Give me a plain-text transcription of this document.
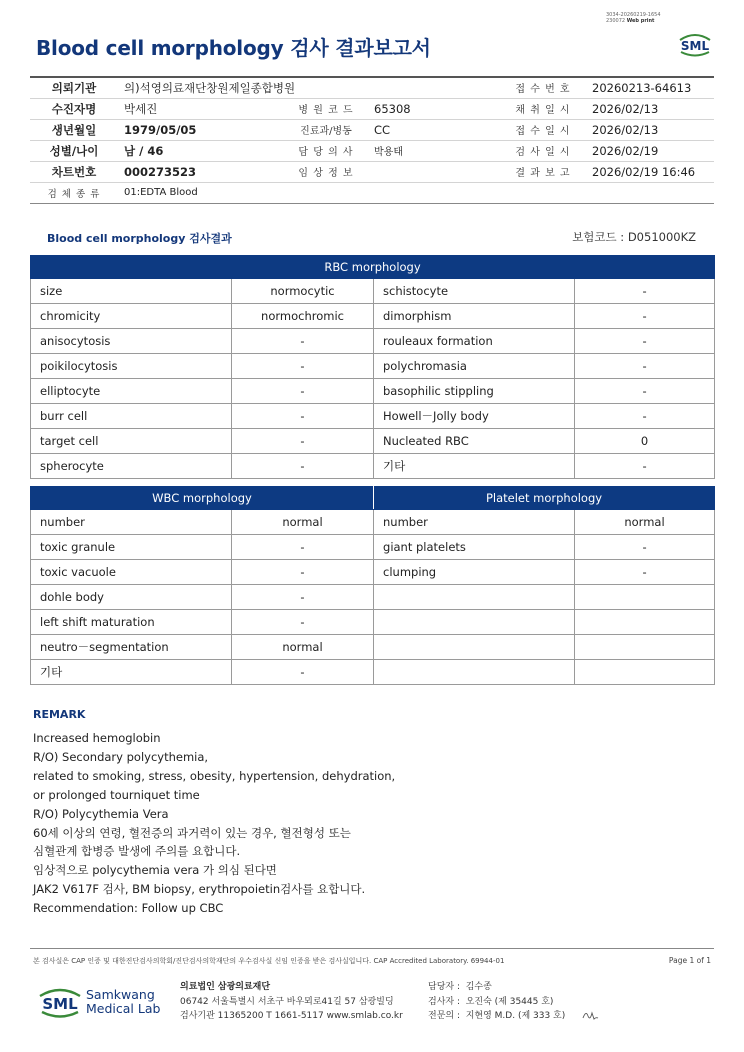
3034-20260219-1654
230072 Web print
Blood cell morphology 검사 결과보고서	SML
의뢰기관	의)석영의료재단창원제일종합병원			접 수 번 호	20260213-64613
수진자명	박세진	병 원 코 드	65308	채 취 일 시	2026/02/13
생년월일	1979/05/05	진료과/병동	CC	접 수 일 시	2026/02/13
성별/나이	남 / 46	담 당 의 사	박용태	검 사 일 시	2026/02/19
차트번호	000273523	임 상 정 보		결 과 보 고	2026/02/19 16:46
검 체 종 류	01:EDTA Blood				
Blood cell morphology 검사결과	보험코드 : D051000KZ
RBC morphology			
size	normocytic	schistocyte	-
chromicity	normochromic	dimorphism	-
anisocytosis	-	rouleaux formation	-
poikilocytosis	-	polychromasia	-
elliptocyte	-	basophilic stippling	-
burr cell	-	Howell－Jolly body	-
target cell	-	Nucleated RBC	0
spherocyte	-	기타	-
WBC morphology		Platelet morphology	
number	normal	number	normal
toxic granule	-	giant platelets	-
toxic vacuole	-	clumping	-
dohle body	-		
left shift maturation	-		
neutro－segmentation	normal		
기타	-		
REMARK
Increased hemoglobin
R/O) Secondary polycythemia,
related to smoking, stress, obesity, hypertension, dehydration,
or prolonged tourniquet time
R/O) Polycythemia Vera
60세 이상의 연령, 혈전증의 과거력이 있는 경우, 혈전형성 또는
심혈관계 합병증 발생에 주의를 요합니다.
임상적으로 polycythemia vera 가 의심 된다면
JAK2 V617F 검사, BM biopsy, erythropoietin검사를 요합니다.
Recommendation: Follow up CBC
본 검사실은 CAP 인증 및 대한진단검사의학회/진단검사의학재단의 우수검사실 신임 인증을 받은 검사실입니다. CAP Accredited Laboratory. 69944-01	Page 1 of 1
SML
Samkwang
Medical Lab
의료법인 삼광의료재단
06742 서울특별시 서초구 바우뫼로41길 57 삼광빌딩
검사기관 11365200 T 1661-5117 www.smlab.co.kr
담당자 : 김수종
검사자 : 오진숙 (제 35445 호)
전문의 : 지현영 M.D. (제 333 호)
